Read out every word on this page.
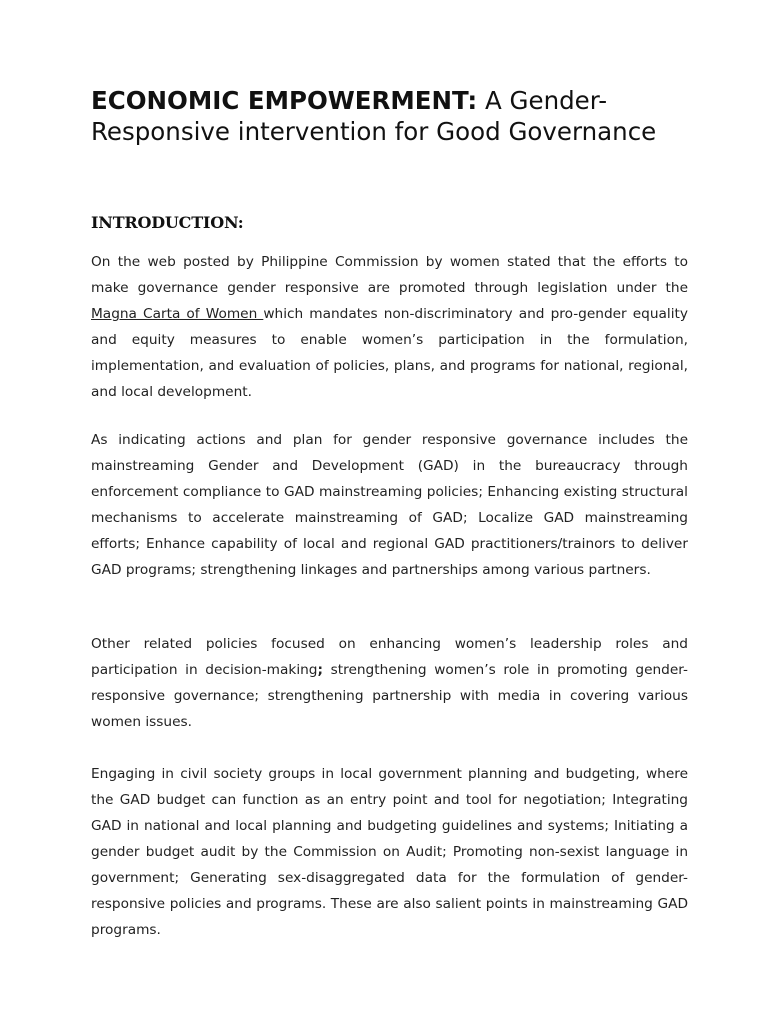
ECONOMIC EMPOWERMENT: A Gender-Responsive intervention for Good Governance
INTRODUCTION:

On the web posted by Philippine Commission by women stated that the efforts to make governance gender responsive are promoted through legislation under the Magna Carta of Women which mandates non-discriminatory and pro-gender equality and equity measures to enable women’s participation in the formulation, implementation, and evaluation of policies, plans, and programs for national, regional, and local development.

As indicating actions and plan for gender responsive governance includes the mainstreaming Gender and Development (GAD) in the bureaucracy through enforcement compliance to GAD mainstreaming policies; Enhancing existing structural mechanisms to accelerate mainstreaming of GAD; Localize GAD mainstreaming efforts; Enhance capability of local and regional GAD practitioners/trainors to deliver GAD programs; strengthening linkages and partnerships among various partners.

Other related policies focused on enhancing women’s leadership roles and participation in decision-making; strengthening women’s role in promoting gender-responsive governance; strengthening partnership with media in covering various women issues.

Engaging in civil society groups in local government planning and budgeting, where the GAD budget can function as an entry point and tool for negotiation; Integrating GAD in national and local planning and budgeting guidelines and systems; Initiating a gender budget audit by the Commission on Audit; Promoting non-sexist language in government; Generating sex-disaggregated data for the formulation of gender-responsive policies and programs. These are also salient points in mainstreaming GAD programs.
